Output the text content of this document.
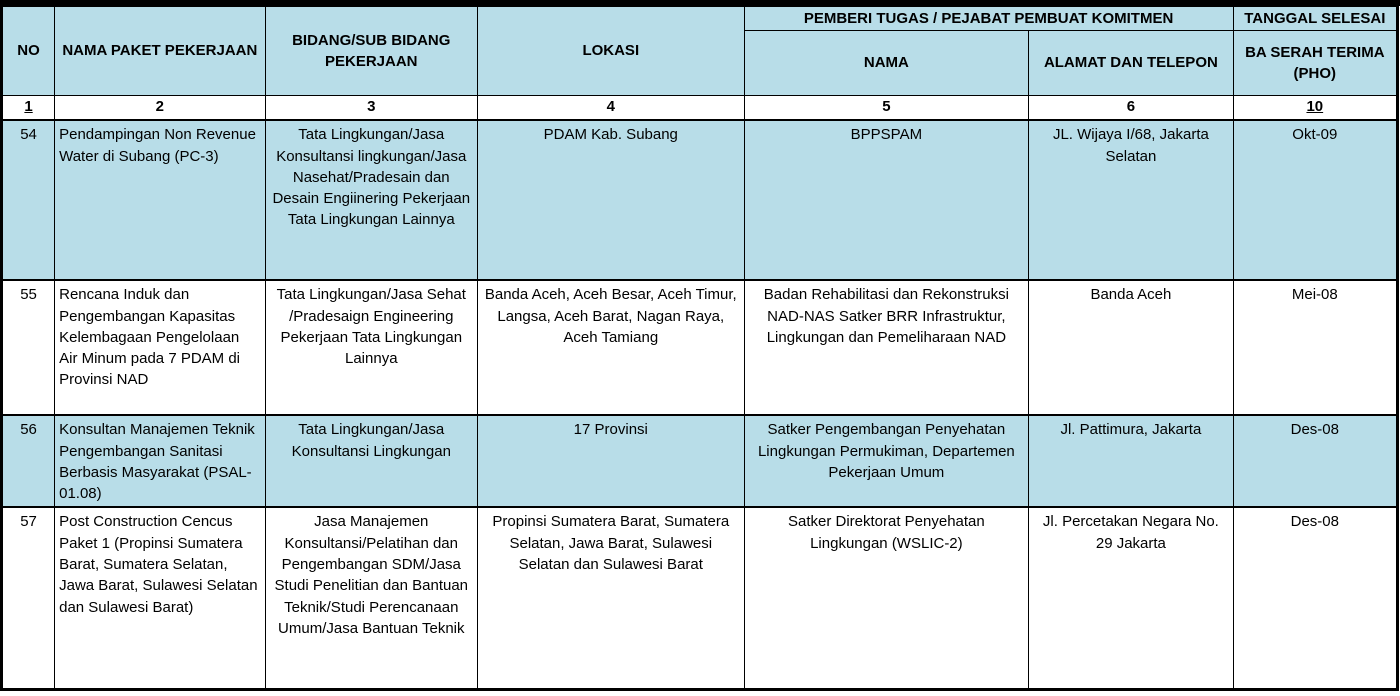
NO	NAMA PAKET PEKERJAAN	BIDANG/SUB BIDANG PEKERJAAN	LOKASI	PEMBERI TUGAS / PEJABAT PEMBUAT KOMITMEN		TANGGAL SELESAI
				NAMA	ALAMAT DAN TELEPON	BA SERAH TERIMA (PHO)
1	2	3	4	5	6	10
54	Pendampingan Non Revenue Water di Subang (PC-3)	Tata Lingkungan/Jasa Konsultansi lingkungan/Jasa Nasehat/Pradesain dan Desain Engiinering Pekerjaan Tata Lingkungan Lainnya	PDAM Kab. Subang	BPPSPAM	JL. Wijaya I/68, Jakarta Selatan	Okt-09
55	Rencana Induk dan Pengembangan Kapasitas Kelembagaan Pengelolaan Air Minum pada 7 PDAM di Provinsi NAD	Tata Lingkungan/Jasa Sehat /Pradesaign Engineering Pekerjaan Tata Lingkungan Lainnya	Banda Aceh, Aceh Besar, Aceh Timur, Langsa, Aceh Barat, Nagan Raya, Aceh Tamiang	Badan Rehabilitasi dan Rekonstruksi NAD-NAS Satker BRR Infrastruktur, Lingkungan dan Pemeliharaan NAD	Banda Aceh	Mei-08
56	Konsultan Manajemen Teknik Pengembangan Sanitasi Berbasis Masyarakat (PSAL-01.08)	Tata Lingkungan/Jasa Konsultansi Lingkungan	17 Provinsi	Satker Pengembangan Penyehatan Lingkungan Permukiman, Departemen Pekerjaan Umum	Jl. Pattimura, Jakarta	Des-08
57	Post Construction Cencus Paket 1 (Propinsi Sumatera Barat, Sumatera Selatan, Jawa Barat, Sulawesi Selatan dan Sulawesi Barat)	Jasa Manajemen Konsultansi/Pelatihan dan Pengembangan SDM/Jasa Studi Penelitian dan Bantuan Teknik/Studi Perencanaan Umum/Jasa Bantuan Teknik	Propinsi Sumatera Barat, Sumatera Selatan, Jawa Barat, Sulawesi Selatan dan Sulawesi Barat	Satker Direktorat Penyehatan Lingkungan (WSLIC-2)	Jl. Percetakan Negara No. 29 Jakarta	Des-08
